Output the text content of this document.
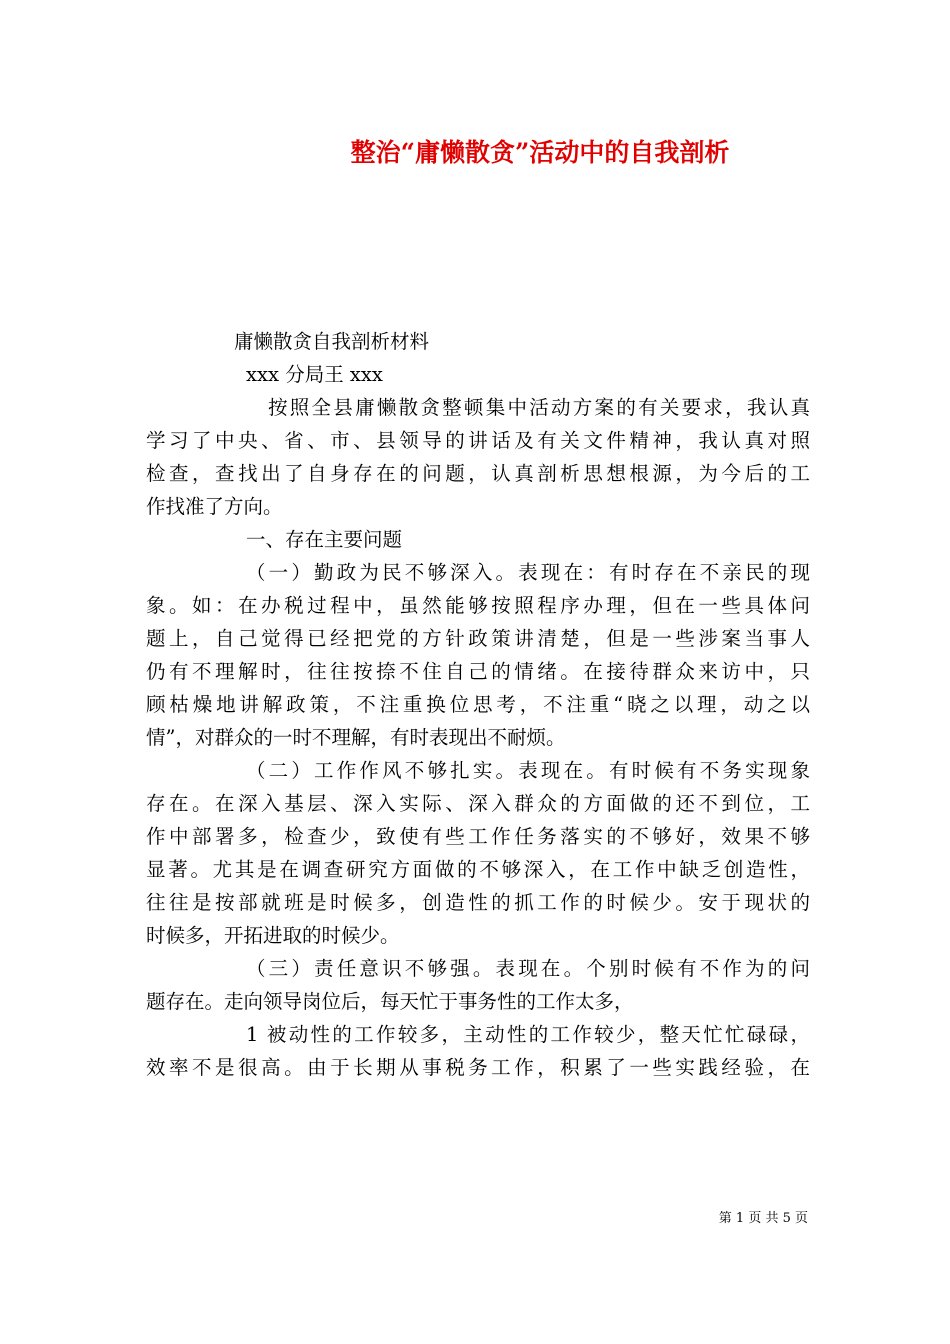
整治“庸懒散贪”活动中的自我剖析
庸懒散贪自我剖析材料
xxx 分局王 xxx
按照全县庸懒散贪整顿集中活动方案的有关要求，我认真
学习了中央、省、市、县领导的讲话及有关文件精神，我认真对照
检查，查找出了自身存在的问题，认真剖析思想根源，为今后的工
作找准了方向。
一、存在主要问题
（一）勤政为民不够深入。表现在：有时存在不亲民的现
象。如：在办税过程中，虽然能够按照程序办理，但在一些具体问
题上，自己觉得已经把党的方针政策讲清楚，但是一些涉案当事人
仍有不理解时，往往按捺不住自己的情绪。在接待群众来访中，只
顾枯燥地讲解政策，不注重换位思考，不注重“晓之以理，动之以
情”，对群众的一时不理解，有时表现出不耐烦。
（二）工作作风不够扎实。表现在。有时候有不务实现象
存在。在深入基层、深入实际、深入群众的方面做的还不到位，工
作中部署多，检查少，致使有些工作任务落实的不够好，效果不够
显著。尤其是在调查研究方面做的不够深入，在工作中缺乏创造性，
往往是按部就班是时候多，创造性的抓工作的时候少。安于现状的
时候多，开拓进取的时候少。
（三）责任意识不够强。表现在。个别时候有不作为的问
题存在。走向领导岗位后，每天忙于事务性的工作太多，
1 被动性的工作较多，主动性的工作较少，整天忙忙碌碌，
效率不是很高。由于长期从事税务工作，积累了一些实践经验，在
第 1 页 共 5 页
